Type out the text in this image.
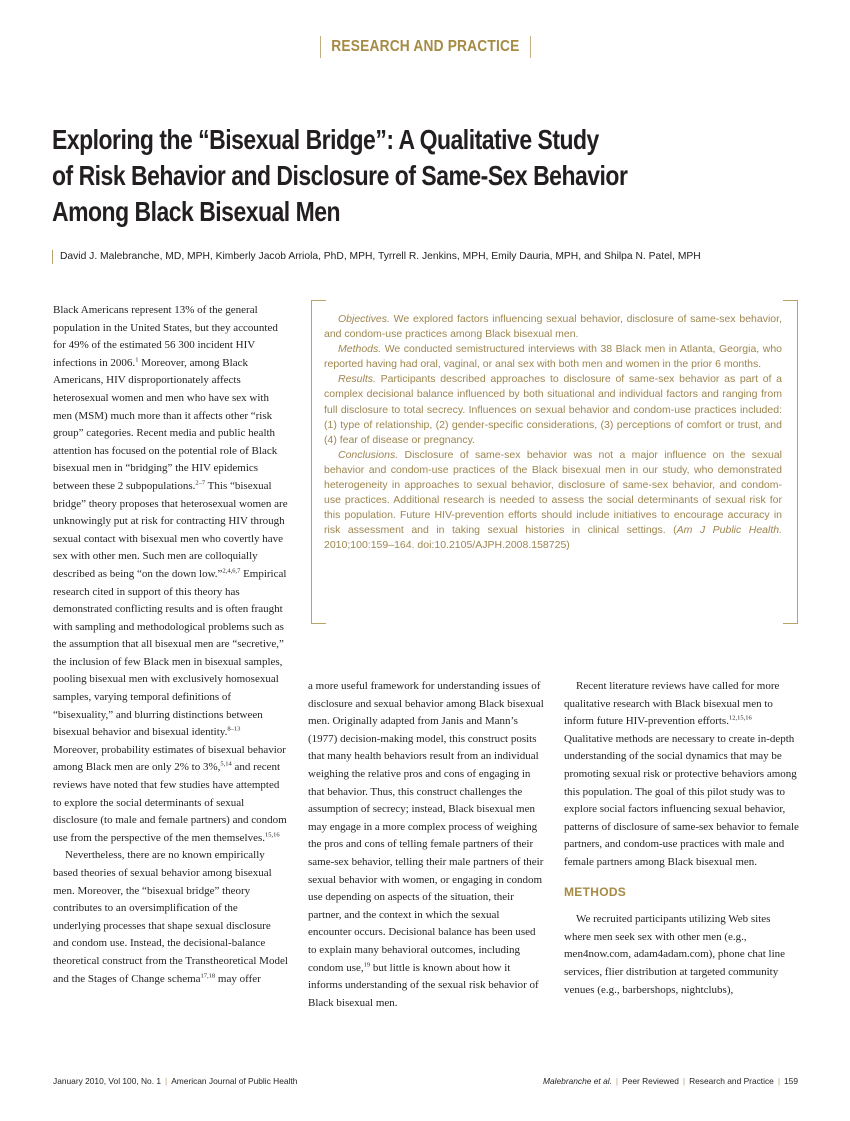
RESEARCH AND PRACTICE
Exploring the “Bisexual Bridge”: A Qualitative Study
of Risk Behavior and Disclosure of Same-Sex Behavior
Among Black Bisexual Men
David J. Malebranche, MD, MPH, Kimberly Jacob Arriola, PhD, MPH, Tyrrell R. Jenkins, MPH, Emily Dauria, MPH, and Shilpa N. Patel, MPH

Black Americans represent 13% of the general population in the United States, but they accounted for 49% of the estimated 56 300 incident HIV infections in 2006.$^1$ Moreover, among Black Americans, HIV disproportionately affects heterosexual women and men who have sex with men (MSM) much more than it affects other “risk group” categories. Recent media and public health attention has focused on the potential role of Black bisexual men in “bridging” the HIV epidemics between these 2 subpopulations.$^{2-7}$ This “bisexual bridge” theory proposes that heterosexual women are unknowingly put at risk for contracting HIV through sexual contact with bisexual men who covertly have sex with other men. Such men are colloquially described as being “on the down low.”$^{2,4,6,7}$ Empirical research cited in support of this theory has demonstrated conflicting results and is often fraught with sampling and methodological problems such as the assumption that all bisexual men are “secretive,” the inclusion of few Black men in bisexual samples, pooling bisexual men with exclusively homosexual samples, varying temporal definitions of “bisexuality,” and blurring distinctions between bisexual behavior and bisexual identity.$^{8-13}$ Moreover, probability estimates of bisexual behavior among Black men are only 2% to 3%,$^{5,14}$ and recent reviews have noted that few studies have attempted to explore the social determinants of sexual disclosure (to male and female partners) and condom use from the perspective of the men themselves.$^{15,16}$

Nevertheless, there are no known empirically based theories of sexual behavior among bisexual men. Moreover, the “bisexual bridge” theory contributes to an oversimplification of the underlying processes that shape sexual disclosure and condom use. Instead, the decisional-balance theoretical construct from the Transtheoretical Model and the Stages of Change schema$^{17,18}$ may offer

Objectives. We explored factors influencing sexual behavior, disclosure of same-sex behavior, and condom-use practices among Black bisexual men.

Methods. We conducted semistructured interviews with 38 Black men in Atlanta, Georgia, who reported having had oral, vaginal, or anal sex with both men and women in the prior 6 months.

Results. Participants described approaches to disclosure of same-sex behavior as part of a complex decisional balance influenced by both situational and individual factors and ranging from full disclosure to total secrecy. Influences on sexual behavior and condom-use practices included: (1) type of relationship, (2) gender-specific considerations, (3) perceptions of comfort or trust, and (4) fear of disease or pregnancy.

Conclusions. Disclosure of same-sex behavior was not a major influence on the sexual behavior and condom-use practices of the Black bisexual men in our study, who demonstrated heterogeneity in approaches to sexual behavior, disclosure of same-sex behavior, and condom-use practices. Additional research is needed to assess the social determinants of sexual risk for this population. Future HIV-prevention efforts should include initiatives to encourage accuracy in risk assessment and in taking sexual histories in clinical settings. (Am J Public Health. 2010;100:159–164. doi:10.2105/AJPH.2008.158725)

a more useful framework for understanding issues of disclosure and sexual behavior among Black bisexual men. Originally adapted from Janis and Mann’s (1977) decision-making model, this construct posits that many health behaviors result from an individual weighing the relative pros and cons of engaging in that behavior. Thus, this construct challenges the assumption of secrecy; instead, Black bisexual men may engage in a more complex process of weighing the pros and cons of telling female partners of their same-sex behavior, telling their male partners of their sexual behavior with women, or engaging in condom use depending on aspects of the situation, their partner, and the context in which the sexual encounter occurs. Decisional balance has been used to explain many behavioral outcomes, including condom use,$^{19}$ but little is known about how it informs understanding of the sexual risk behavior of Black bisexual men.

Recent literature reviews have called for more qualitative research with Black bisexual men to inform future HIV-prevention efforts.$^{12,15,16}$ Qualitative methods are necessary to create in-depth understanding of the social dynamics that may be promoting sexual risk or protective behaviors among this population. The goal of this pilot study was to explore social factors influencing sexual behavior, patterns of disclosure of same-sex behavior to female partners, and condom-use practices with male and female partners among Black bisexual men.

METHODS

We recruited participants utilizing Web sites where men seek sex with other men (e.g., men4now.com, adam4adam.com), phone chat line services, flier distribution at targeted community venues (e.g., barbershops, nightclubs),

January 2010, Vol 100, No. 1 | American Journal of Public Health	Malebranche et al. | Peer Reviewed | Research and Practice | 159
